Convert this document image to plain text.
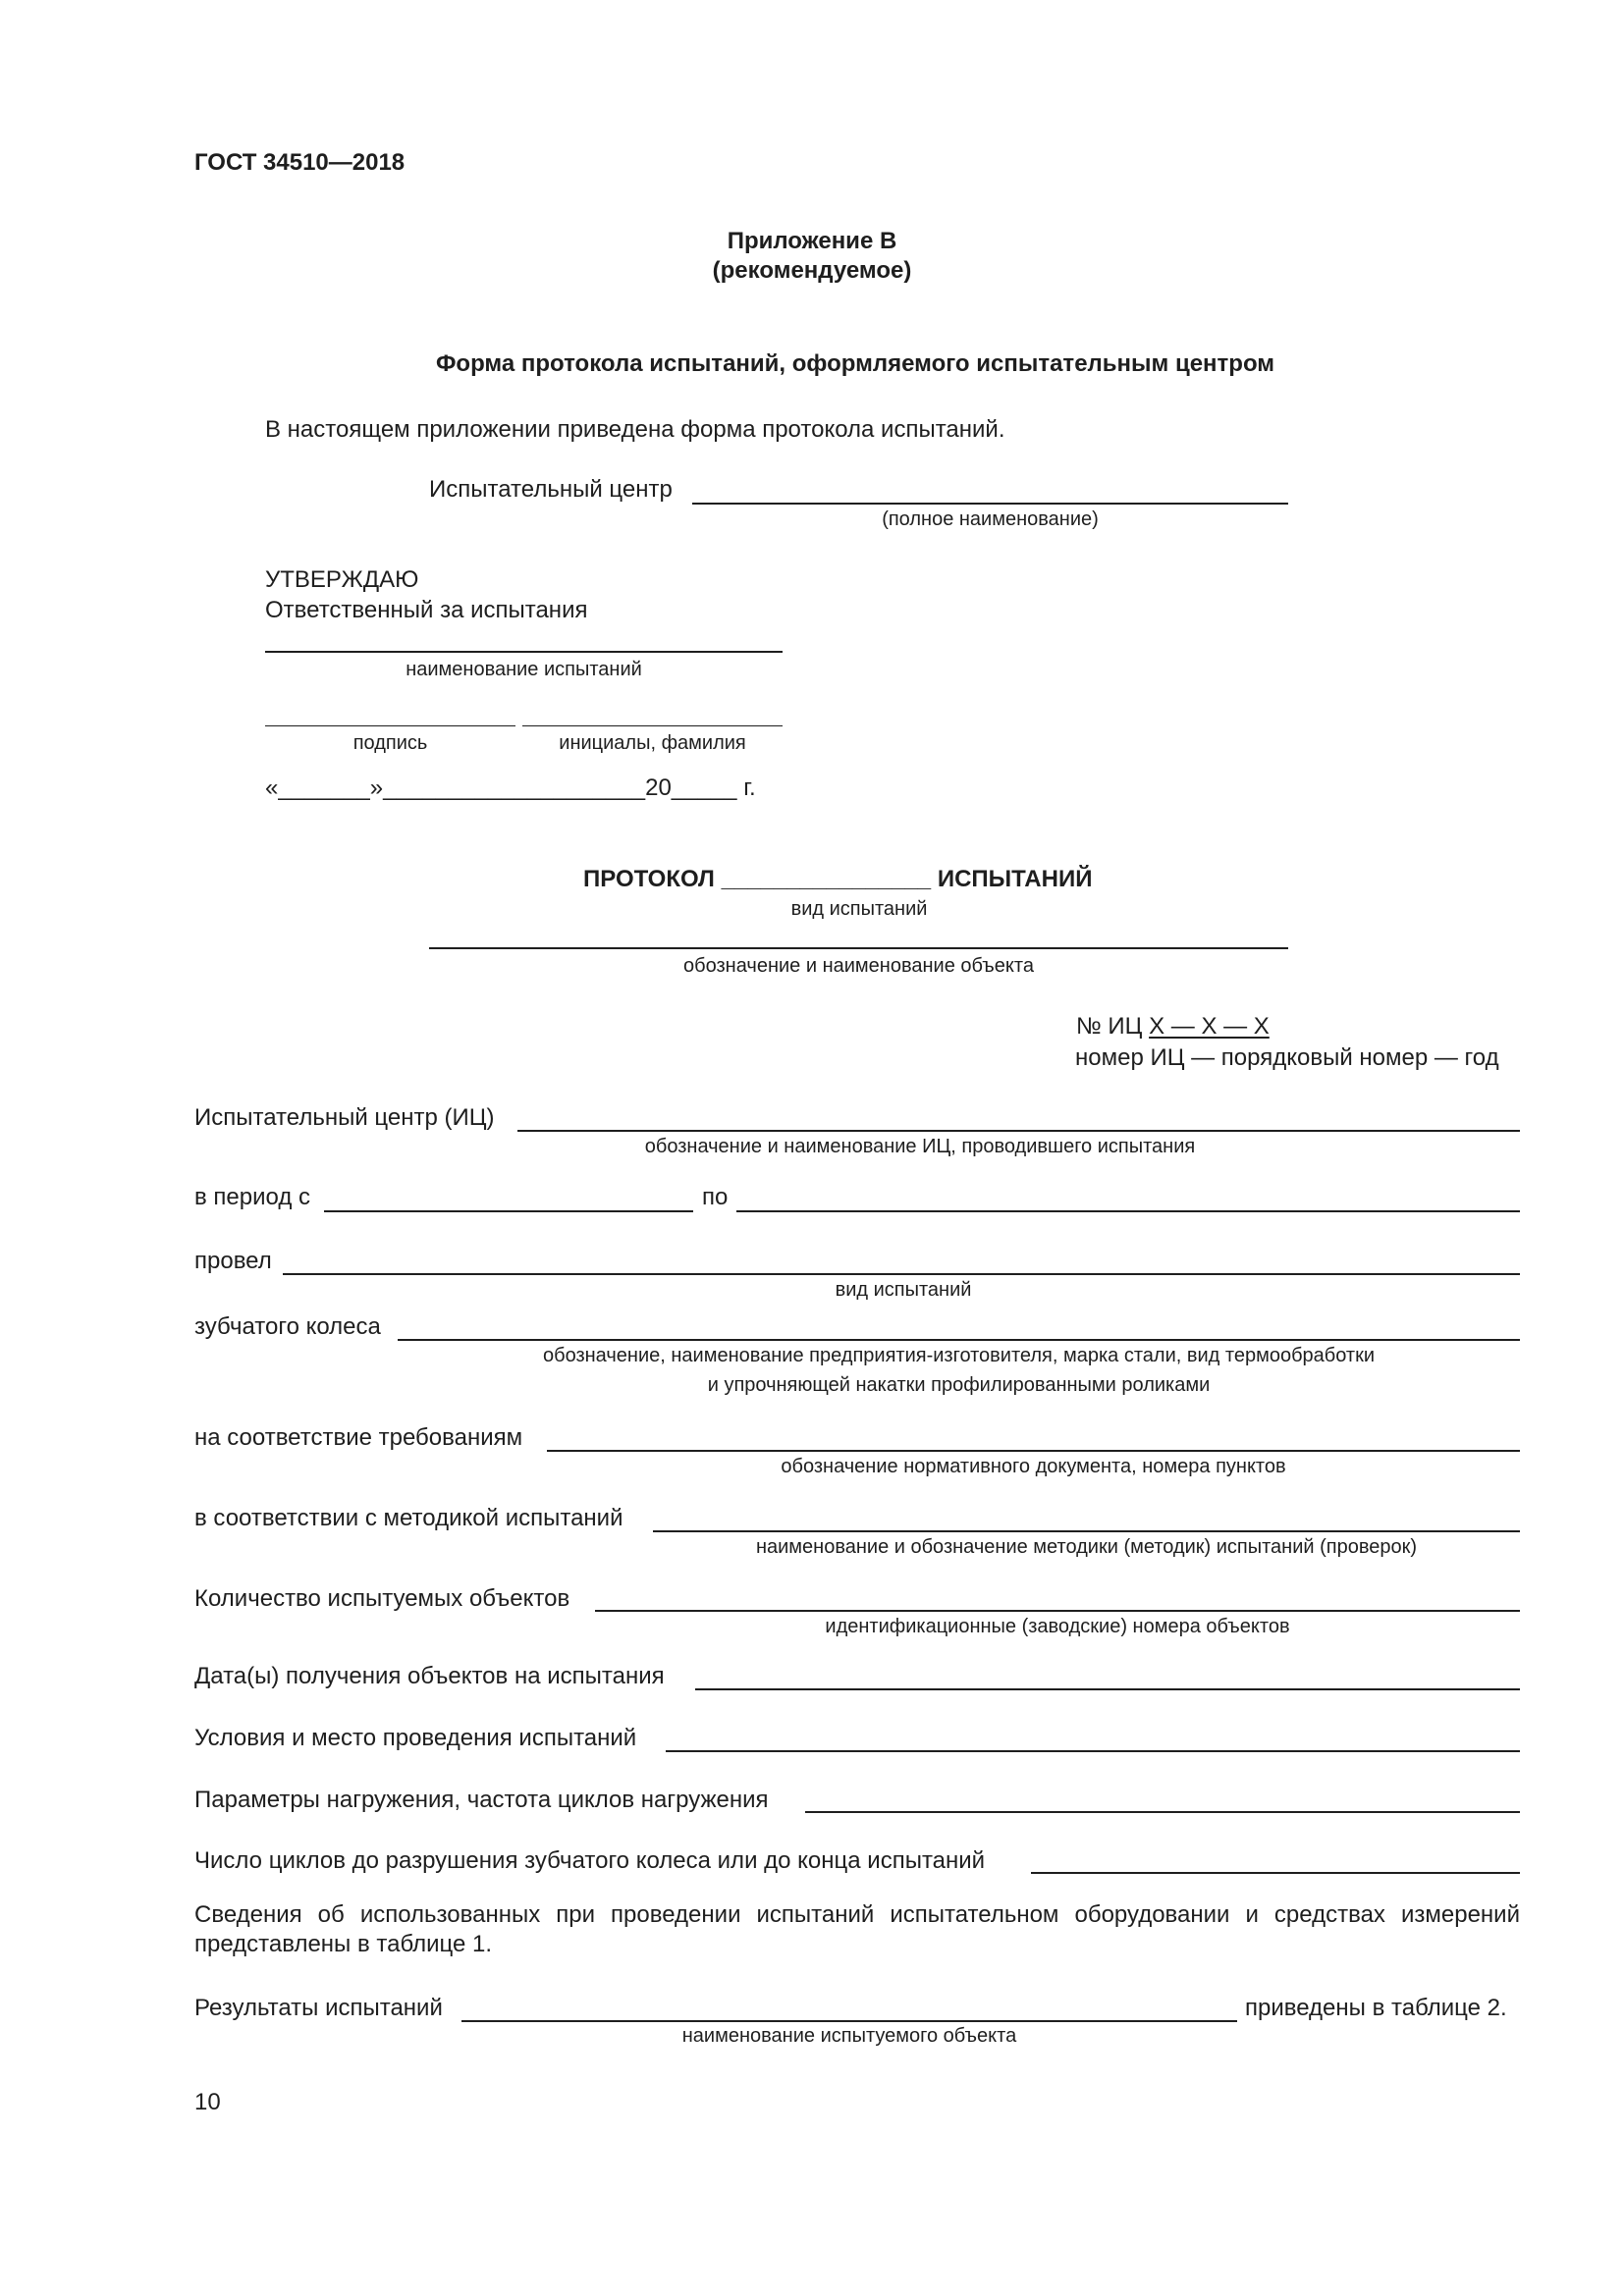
ГОСТ 34510—2018
Приложение В
(рекомендуемое)
Форма протокола испытаний, оформляемого испытательным центром
В настоящем приложении приведена форма протокола испытаний.
Испытательный центр
(полное наименование)
УТВЕРЖДАЮ
Ответственный за испытания
наименование испытаний
подпись	инициалы, фамилия
«_______»____________________20_____ г.
ПРОТОКОЛ ________________ ИСПЫТАНИЙ
вид испытаний
обозначение и наименование объекта
№ ИЦ X — X — X
номер ИЦ — порядковый номер — год
Испытательный центр (ИЦ)
обозначение и наименование ИЦ, проводившего испытания
в период с	по
провел
вид испытаний
зубчатого колеса
обозначение, наименование предприятия-изготовителя, марка стали, вид термообработки
и упрочняющей накатки профилированными роликами
на соответствие требованиям
обозначение нормативного документа, номера пунктов
в соответствии с методикой испытаний
наименование и обозначение методики (методик) испытаний (проверок)
Количество испытуемых объектов
идентификационные (заводские) номера объектов
Дата(ы) получения объектов на испытания
Условия и место проведения испытаний
Параметры нагружения, частота циклов нагружения
Число циклов до разрушения зубчатого колеса или до конца испытаний
Сведения об использованных при проведении испытаний испытательном оборудовании и средствах измерений
представлены в таблице 1.
Результаты испытаний	приведены в таблице 2.
наименование испытуемого объекта
10
